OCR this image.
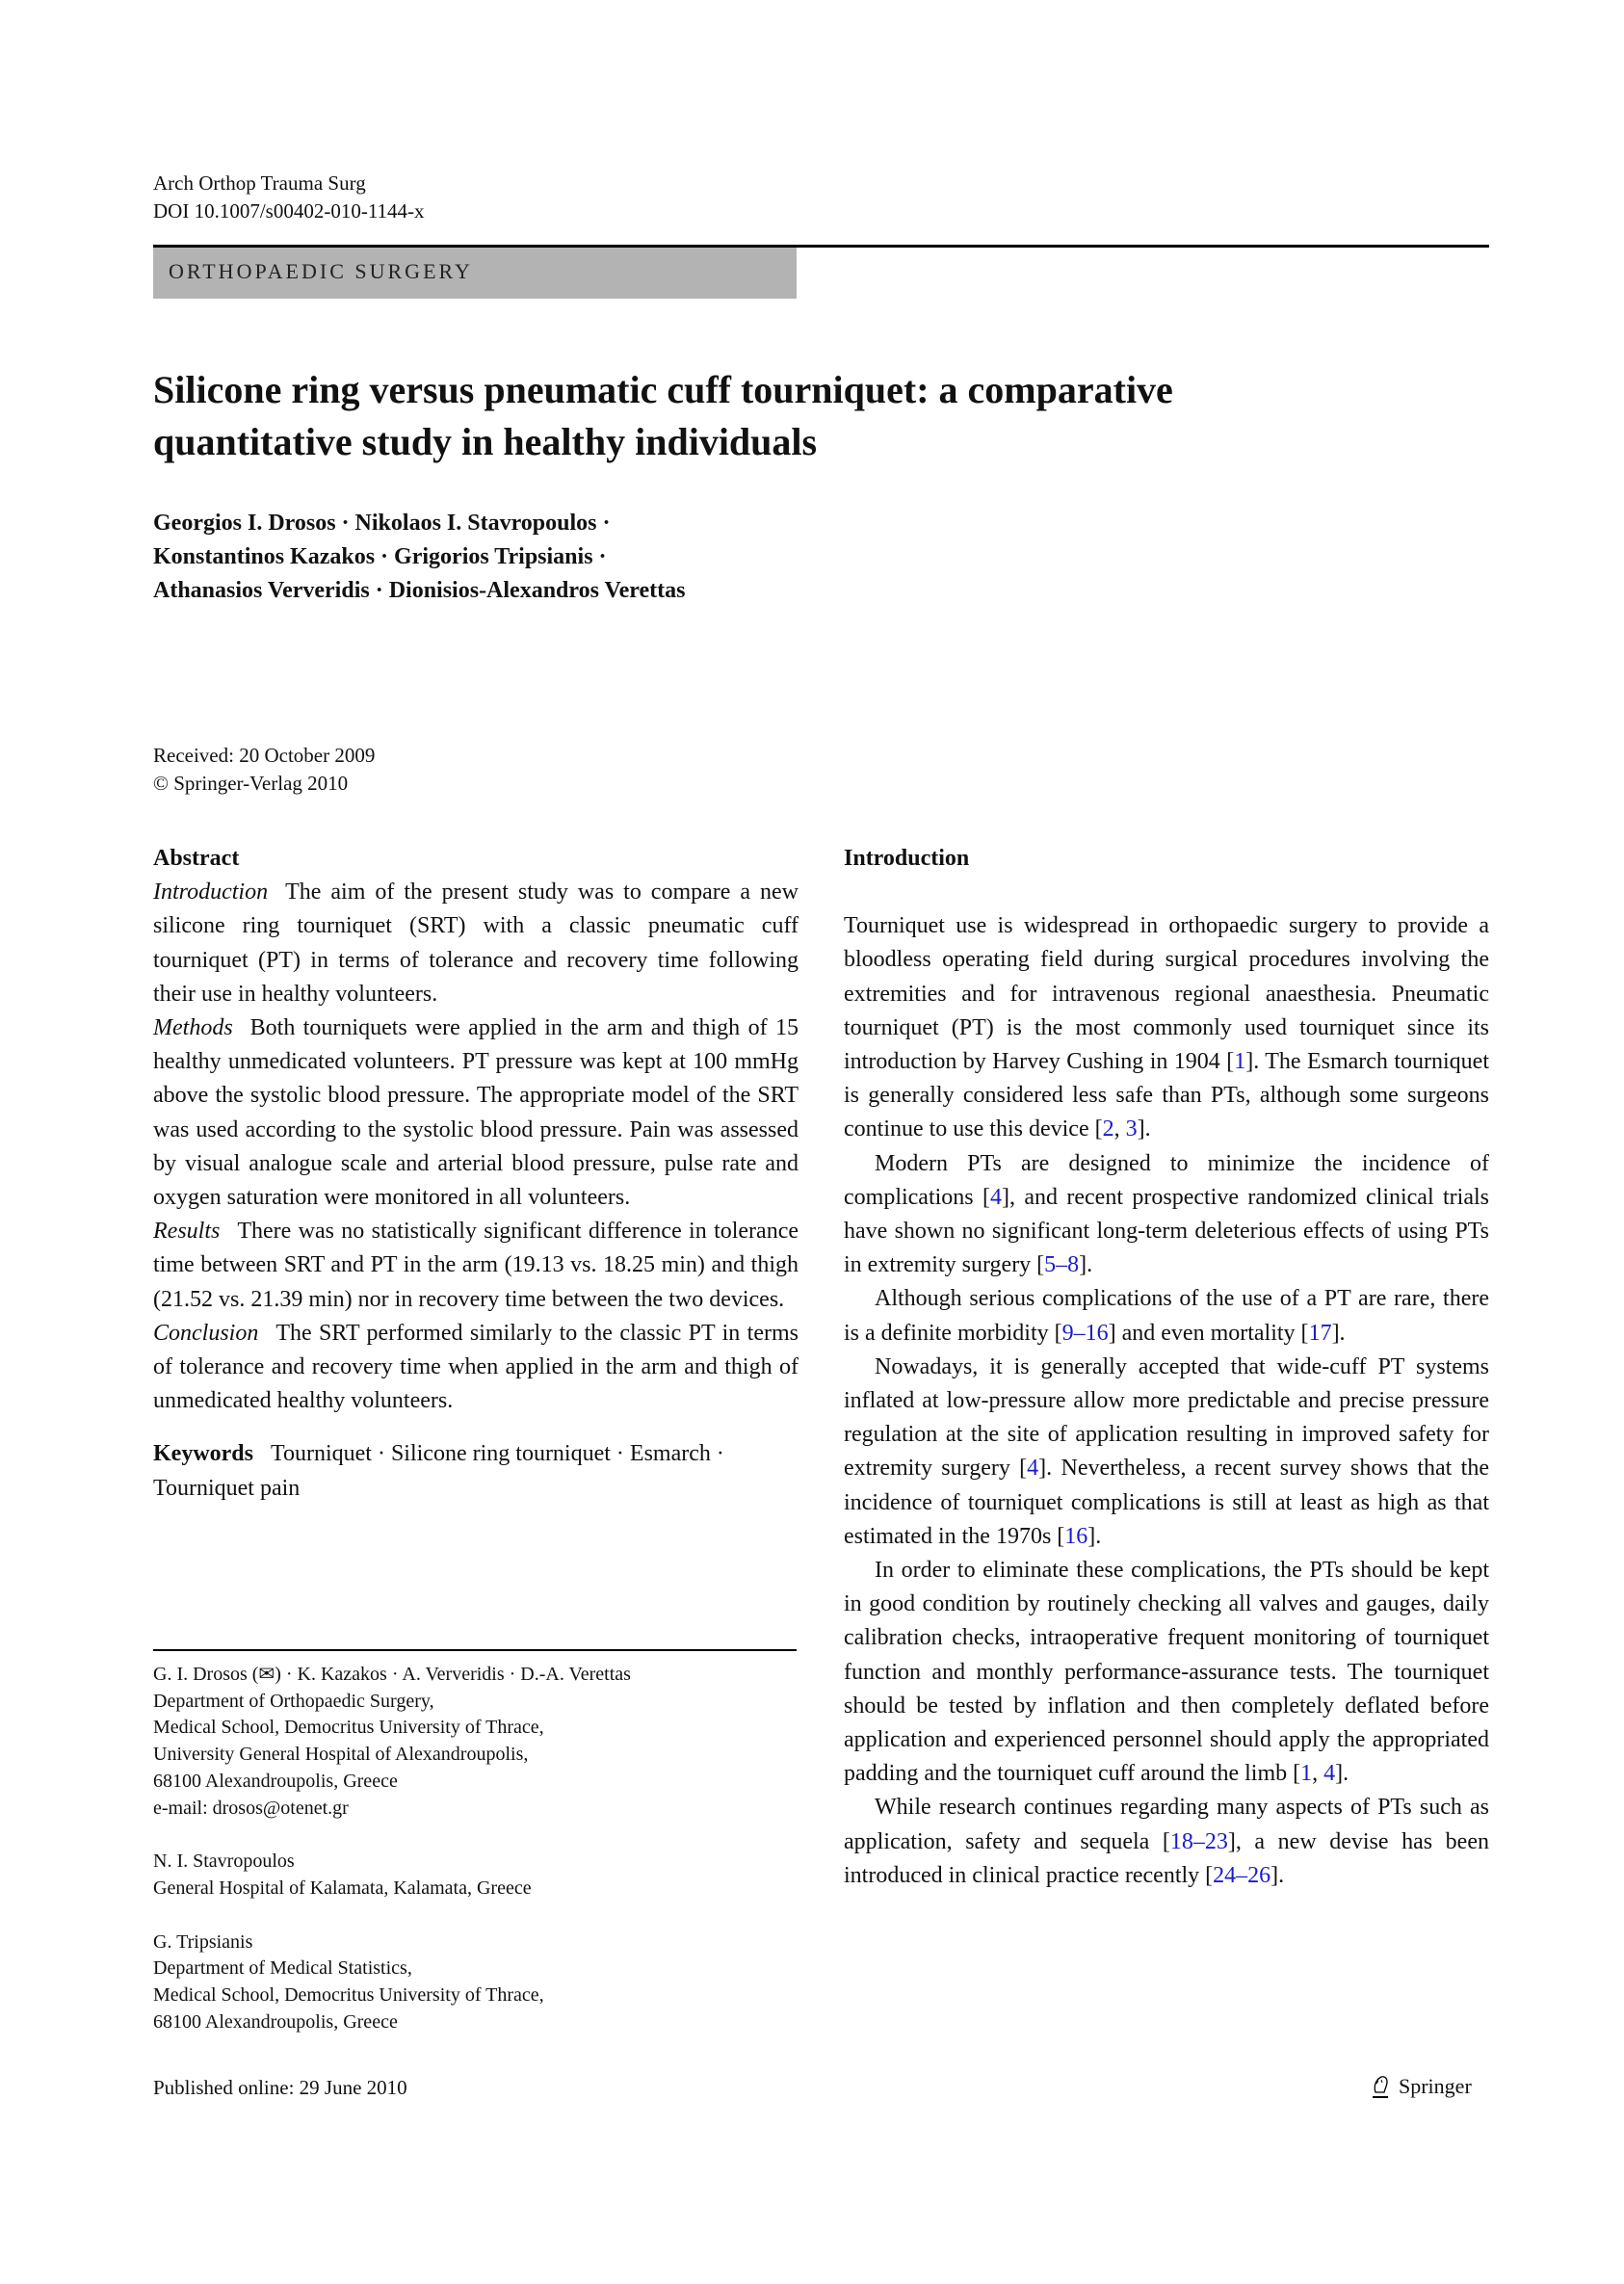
Arch Orthop Trauma Surg
DOI 10.1007/s00402-010-1144-x
ORTHOPAEDIC SURGERY
Silicone ring versus pneumatic cuff tourniquet: a comparative
quantitative study in healthy individuals
Georgios I. Drosos · Nikolaos I. Stavropoulos ·
Konstantinos Kazakos · Grigorios Tripsianis ·
Athanasios Ververidis · Dionisios-Alexandros Verettas
Received: 20 October 2009
© Springer-Verlag 2010
Abstract

Introduction The aim of the present study was to compare a new silicone ring tourniquet (SRT) with a classic pneumatic cuff tourniquet (PT) in terms of tolerance and recovery time following their use in healthy volunteers.

Methods Both tourniquets were applied in the arm and thigh of 15 healthy unmedicated volunteers. PT pressure was kept at 100 mmHg above the systolic blood pressure. The appropriate model of the SRT was used according to the systolic blood pressure. Pain was assessed by visual analogue scale and arterial blood pressure, pulse rate and oxygen saturation were monitored in all volunteers.

Results There was no statistically significant difference in tolerance time between SRT and PT in the arm (19.13 vs. 18.25 min) and thigh (21.52 vs. 21.39 min) nor in recovery time between the two devices.

Conclusion The SRT performed similarly to the classic PT in terms of tolerance and recovery time when applied in the arm and thigh of unmedicated healthy volunteers.

Keywords Tourniquet · Silicone ring tourniquet · Esmarch · Tourniquet pain

G. I. Drosos (✉) · K. Kazakos · A. Ververidis · D.-A. Verettas
Department of Orthopaedic Surgery,
Medical School, Democritus University of Thrace,
University General Hospital of Alexandroupolis,
68100 Alexandroupolis, Greece
e-mail: drosos@otenet.gr
N. I. Stavropoulos
General Hospital of Kalamata, Kalamata, Greece
G. Tripsianis
Department of Medical Statistics,
Medical School, Democritus University of Thrace,
68100 Alexandroupolis, Greece
Introduction

Tourniquet use is widespread in orthopaedic surgery to provide a bloodless operating field during surgical procedures involving the extremities and for intravenous regional anaesthesia. Pneumatic tourniquet (PT) is the most commonly used tourniquet since its introduction by Harvey Cushing in 1904 [1]. The Esmarch tourniquet is generally considered less safe than PTs, although some surgeons continue to use this device [2, 3].

Modern PTs are designed to minimize the incidence of complications [4], and recent prospective randomized clinical trials have shown no significant long-term deleterious effects of using PTs in extremity surgery [5–8].

Although serious complications of the use of a PT are rare, there is a definite morbidity [9–16] and even mortality [17].

Nowadays, it is generally accepted that wide-cuff PT systems inflated at low-pressure allow more predictable and precise pressure regulation at the site of application resulting in improved safety for extremity surgery [4]. Nevertheless, a recent survey shows that the incidence of tourniquet complications is still at least as high as that estimated in the 1970s [16].

In order to eliminate these complications, the PTs should be kept in good condition by routinely checking all valves and gauges, daily calibration checks, intraoperative frequent monitoring of tourniquet function and monthly performance-assurance tests. The tourniquet should be tested by inflation and then completely deflated before application and experienced personnel should apply the appropriated padding and the tourniquet cuff around the limb [1, 4].

While research continues regarding many aspects of PTs such as application, safety and sequela [18–23], a new devise has been introduced in clinical practice recently [24–26].

Published online: 29 June 2010	Springer
